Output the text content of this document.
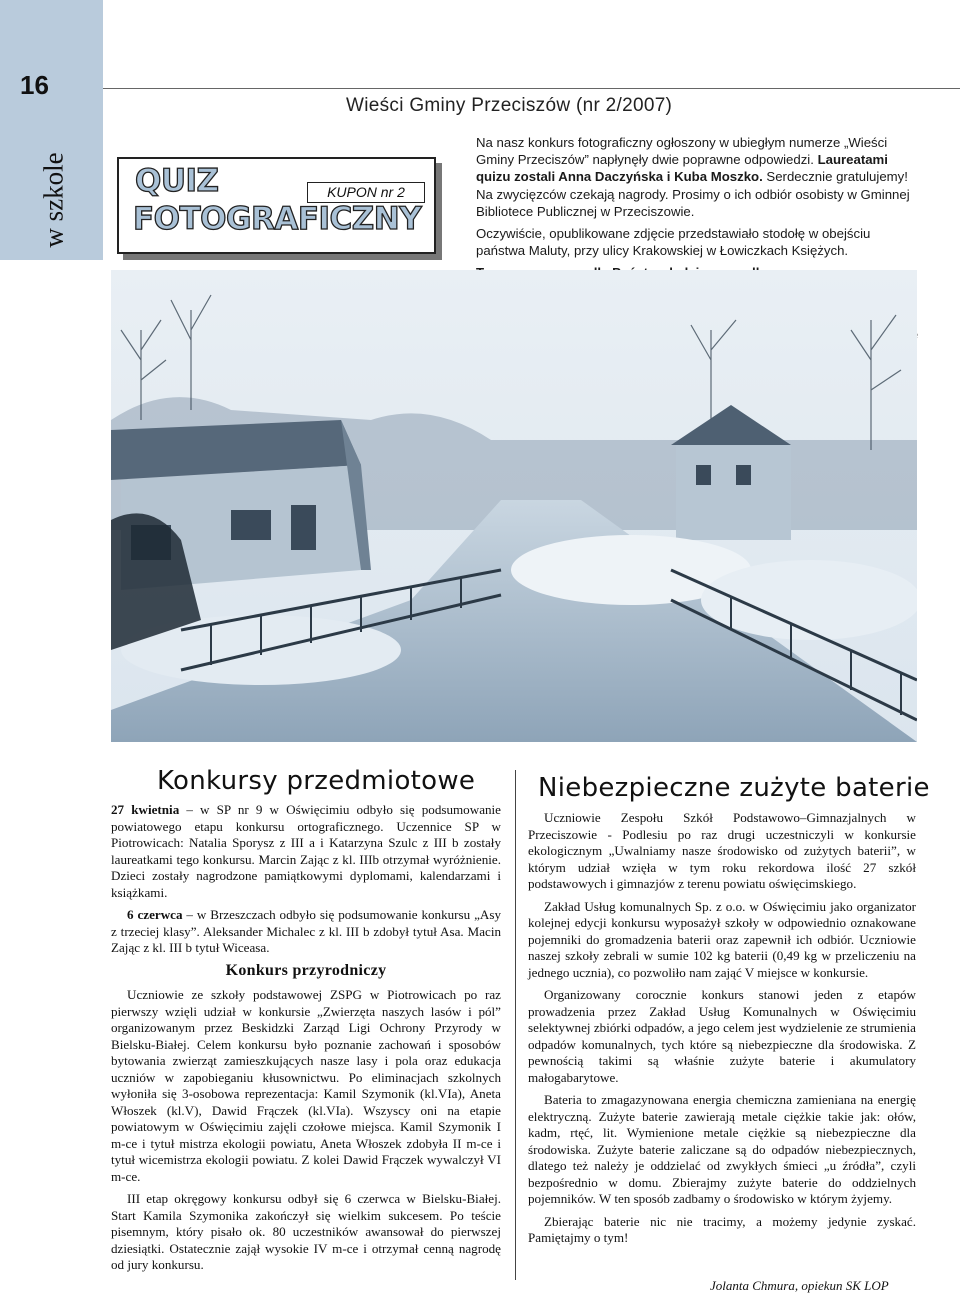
16
w szkole
Wieści Gminy Przeciszów (nr 2/2007)
QUIZ
FOTOGRAFICZNY
KUPON nr 2

Na nasz konkurs fotograficzny ogłoszony w ubiegłym numerze „Wieści Gminy Przeciszów” napłynęły dwie poprawne odpowiedzi. Laureatami quizu zostali Anna Daczyńska i Kuba Moszko. Serdecznie gratulujemy! Na zwycięzców czekają nagrody. Prosimy o ich odbiór osobisty w Gminnej Bibliotece Publicznej w Przeciszowie.

Oczywiście, opublikowane zdjęcie przedstawiało stodołę w obejściu państwa Maluty, przy ulicy Krakowskiej w Łowiczkach Księżych.

Konkursy przedmiotowe

27 kwietnia – w SP nr 9 w Oświęcimiu odbyło się podsumowanie powiatowego etapu konkursu ortograficznego. Uczennice SP w Piotrowicach: Natalia Sporysz z III a i Katarzyna Szulc z III b zostały laureatkami tego konkursu. Marcin Zając z kl. IIIb otrzymał wyróżnienie. Dzieci zostały nagrodzone pamiątkowymi dyplomami, kalendarzami i książkami.

6 czerwca – w Brzeszczach odbyło się podsumowanie konkursu „Asy z trzeciej klasy”. Aleksander Michalec z kl. III b zdobył tytuł Asa. Macin Zając z kl. III b tytuł Wiceasa.

Konkurs przyrodniczy

Uczniowie ze szkoły podstawowej ZSPG w Piotrowicach po raz pierwszy wzięli udział w konkursie „Zwierzęta naszych lasów i pól” organizowanym przez Beskidzki Zarząd Ligi Ochrony Przyrody w Bielsku-Białej. Celem konkursu było poznanie zachowań i sposobów bytowania zwierząt zamieszkujących nasze lasy i pola oraz edukacja uczniów w zapobieganiu kłusownictwu. Po eliminacjach szkolnych wyłoniła się 3-osobowa reprezentacja: Kamil Szymonik (kl.VIa), Aneta Włoszek (kl.V), Dawid Frączek (kl.VIa). Wszyscy oni na etapie powiatowym w Oświęcimiu zajęli czołowe miejsca. Kamil Szymonik I m-ce i tytuł mistrza ekologii powiatu, Aneta Włoszek zdobyła II m-ce i tytuł wicemistrza ekologii powiatu. Z kolei Dawid Frączek wywalczył VI m-ce.

III etap okręgowy konkursu odbył się 6 czerwca w Bielsku-Białej. Start Kamila Szymonika zakończył się wielkim sukcesem. Po teście pisemnym, który pisało ok. 80 uczestników awansował do pierwszej dziesiątki. Ostatecznie zajął wysokie IV m-ce i otrzymał cenną nagrodę od jury konkursu.

Niebezpieczne zużyte baterie

Uczniowie Zespołu Szkół Podstawowo–Gimnazjalnych w Przeciszowie - Podlesiu po raz drugi uczestniczyli w konkursie ekologicznym „Uwalniamy nasze środowisko od zużytych baterii”, w którym udział wzięła w tym roku rekordowa ilość 27 szkół podstawowych i gimnazjów z terenu powiatu oświęcimskiego.

Zakład Usług komunalnych Sp. z o.o. w Oświęcimiu jako organizator kolejnej edycji konkursu wyposażył szkoły w odpowiednio oznakowane pojemniki do gromadzenia baterii oraz zapewnił ich odbiór. Uczniowie naszej szkoły zebrali w sumie 102 kg baterii (0,49 kg w przeliczeniu na jednego ucznia), co pozwoliło nam zająć V miejsce w konkursie.

Organizowany corocznie konkurs stanowi jeden z etapów prowadzenia przez Zakład Usług Komunalnych w Oświęcimiu selektywnej zbiórki odpadów, a jego celem jest wydzielenie ze strumienia odpadów komunalnych, tych które są niebezpieczne dla środowiska. Z pewnością takimi są właśnie zużyte baterie i akumulatory małogabarytowe.

Bateria to zmagazynowana energia chemiczna zamieniana na energię elektryczną. Zużyte baterie zawierają metale ciężkie takie jak: ołów, kadm, rtęć, lit. Wymienione metale ciężkie są niebezpieczne dla środowiska. Zużyte baterie zaliczane są do odpadów niebezpiecznych, dlatego też należy je oddzielać od zwykłych śmieci „u źródła”, czyli bezpośrednio w domu. Zbierajmy zużyte baterie do oddzielnych pojemników. W ten sposób zadbamy o środowisko w którym żyjemy.

Zbierając baterie nic nie tracimy, a możemy jedynie zyskać. Pamiętajmy o tym!

Jolanta Chmura, opiekun SK LOP
